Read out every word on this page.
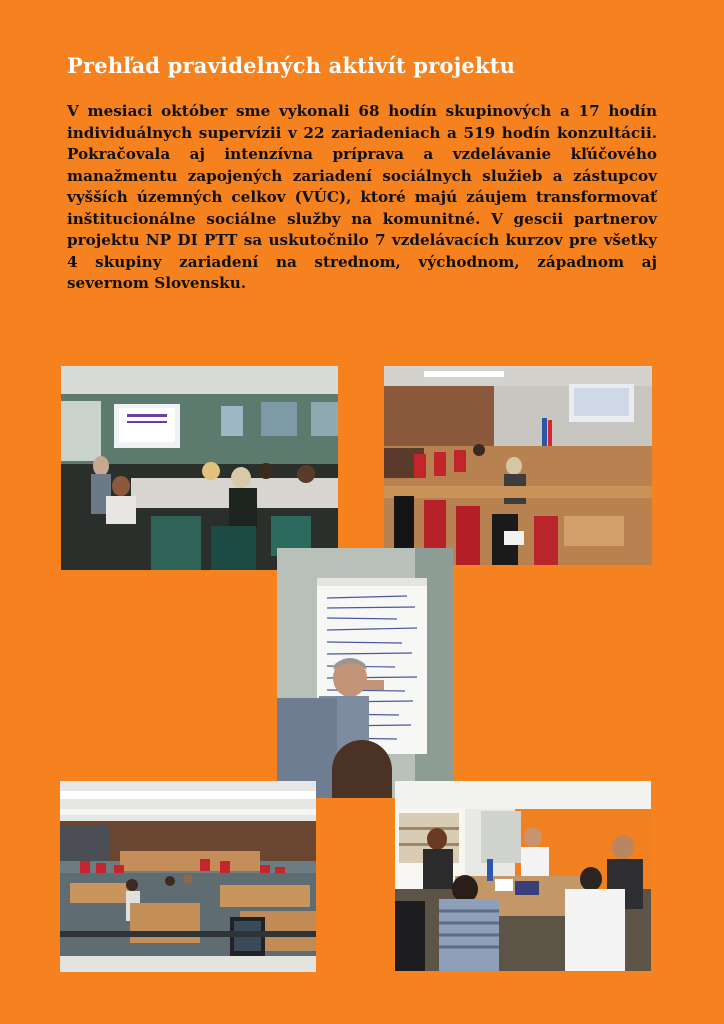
Prehľad pravidelných aktivít projektu

V mesiaci október sme vykonali 68 hodín skupinových a 17 hodín individuálnych supervízii v 22 zariadeniach a 519 hodín konzultácii. Pokračovala aj intenzívna príprava a vzdelávanie kľúčového manažmentu zapojených zariadení sociálnych služieb a zástupcov vyšších územných celkov (VÚC), ktoré majú záujem transformovať inštitucionálne sociálne služby na komunitné. V gescii partnerov projektu NP DI PTT sa uskutočnilo 7 vzdelávacích kurzov pre všetky 4 skupiny zariadení na strednom, východnom, západnom aj severnom Slovensku.
